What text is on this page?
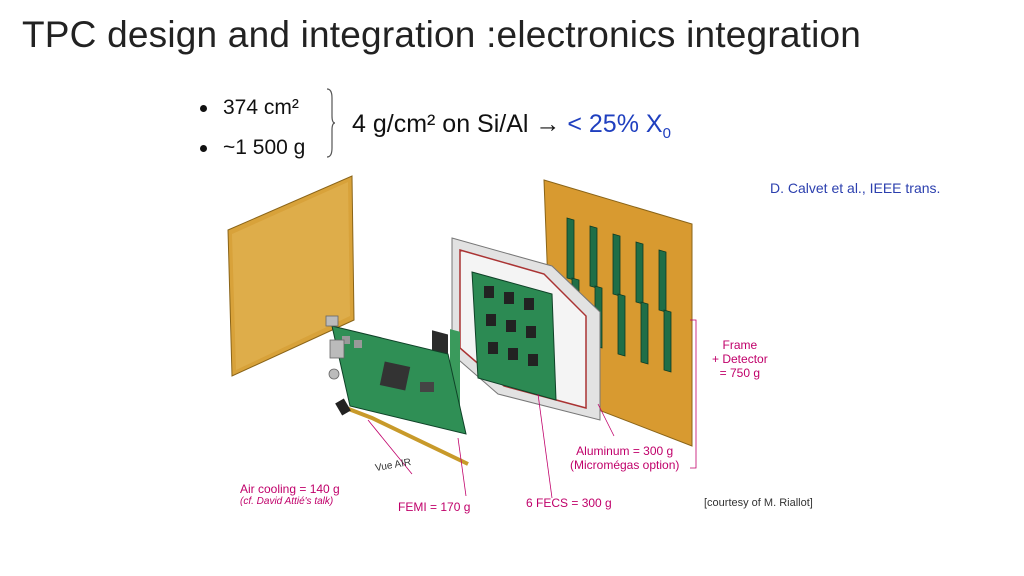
TPC design and integration :electronics integration
374 cm²
~1 500 g
4 g/cm² on Si/Al → < 25% $X_0$
D. Calvet et al., IEEE trans.
Frame
+ Detector
= 750 g
Aluminum = 300 g
(Micromégas option)
Air cooling = 140 g
(cf. David Attié's talk)	FEMI = 170 g	6 FECS = 300 g	[courtesy of M. Riallot]
Vue AIR
